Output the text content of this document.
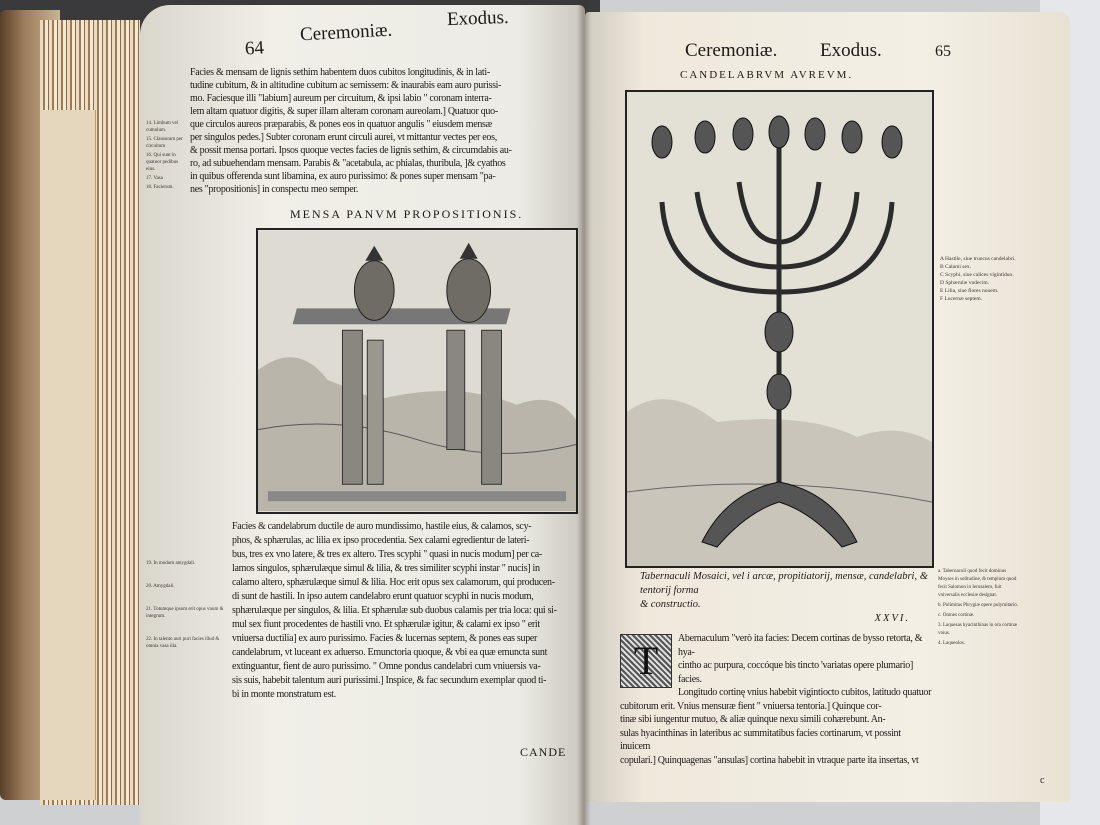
64
Ceremoniæ.
Exodus.
Facies & mensam de lignis sethim habentem duos cubitos longitudinis, & in lati-
tudine cubitum, & in altitudine cubitum ac semissem: & inaurabis eam auro purissi-
mo. Faciesque illi "labium] aureum per circuitum, & ipsi labio " coronam interra-
lem altam quatuor digitis, & super illam alteram coronam aureolam.] Quatuor quo-
que circulos aureos præparabis, & pones eos in quatuor angulis " eiusdem mensæ
per singulos pedes.] Subter coronam erunt circuli aurei, vt mittantur vectes per eos,
& possit mensa portari. Ipsos quoque vectes facies de lignis sethim, & circumdabis au-
ro, ad subuehendam mensam. Parabis & "acetabula, ac phialas, thuribula, ]& cyathos
in quibus offerenda sunt libamina, ex auro purissimo: & pones super mensam "pa-
nes "propositionis] in conspectu meo semper.
14. Limbum vel cumulum.
15. Clausuram per circuitum
16. Qui sunt in quatuor pedibus eius.
17. Vasa
18. Facierum.
MENSA PANVM PROPOSITIONIS.
Facies & candelabrum ductile de auro mundissimo, hastile eius, & calamos, scy-
phos, & sphærulas, ac lilia ex ipso procedentia. Sex calami egredientur de lateri-
bus, tres ex vno latere, & tres ex altero. Tres scyphi " quasi in nucis modum] per ca-
lamos singulos, sphærulæque simul & lilia, & tres similiter scyphi instar " nucis] in
calamo altero, sphærulæque simul & lilia. Hoc erit opus sex calamorum, qui producen-
di sunt de hastili. In ipso autem candelabro erunt quatuor scyphi in nucis modum,
sphærulæque per singulos, & lilia. Et sphærulæ sub duobus calamis per tria loca: qui si-
mul sex fiunt procedentes de hastili vno. Et sphærulæ igitur, & calami ex ipso " erit
vniuersa ductilia] ex auro purissimo. Facies & lucernas septem, & pones eas super
candelabrum, vt luceant ex aduerso. Emunctoria quoque, & vbi ea quæ emuncta sunt
extinguantur, fient de auro purissimo. " Omne pondus candelabri cum vniuersis va-
sis suis, habebit talentum auri purissimi.] Inspice, & fac secundum exemplar quod ti-
bi in monte monstratum est.
19. In modum amygdali.
20. Amygdali.
21. Totumque ipsum erit opus vnum & integrum.
22. In talento auri puri facies illud & omnia vasa illa.
CANDE
Ceremoniæ. Exodus.	65
CANDELABRVM AVREVM.
A Hastile, siue truncus candelabri.
B Calami sex.
C Scyphi, siue calices vigintiduo.
D Sphærulæ vndecim.
E Lilia, siue flores nouem.
F Lucernæ septem.
Tabernaculi Mosaici, vel i arcæ, propitiatorij, mensæ, candelabri, & tentorij forma
& constructio.
XXVI.
T	Abernaculum "verò ita facies: Decem cortinas de bysso retorta, & hya-
cintho ac purpura, coccóque bis tincto 'variatas opere plumario] facies.
Longitudo cortinę vnius habebit vigintiocto cubitos, latitudo quatuor
cubitorum erit. Vnius mensuræ fient " vniuersa tentoria.] Quinque cor-
tinæ sibi iungentur mutuo, & aliæ quinque nexu simili cohærebunt. An-
sulas hyacinthinas in lateribus ac summitatibus facies cortinarum, vt possint inuicem
copulari.] Quinquagenas "ansulas] cortina habebit in vtraque parte ita insertas, vt
a. Tabernaculi quod fecit dominus Moyses in solitudine, & templum quod fecit Salomon in Ierusalem, fuit vniversalis ecclesiæ designat.
b. Polimitas Phrygiæ opere polymitario.
c. Omnes cortinæ.
3. Laquesas hyacinthinas in ora cortinæ vnius.
4. Laqueolos.
c
